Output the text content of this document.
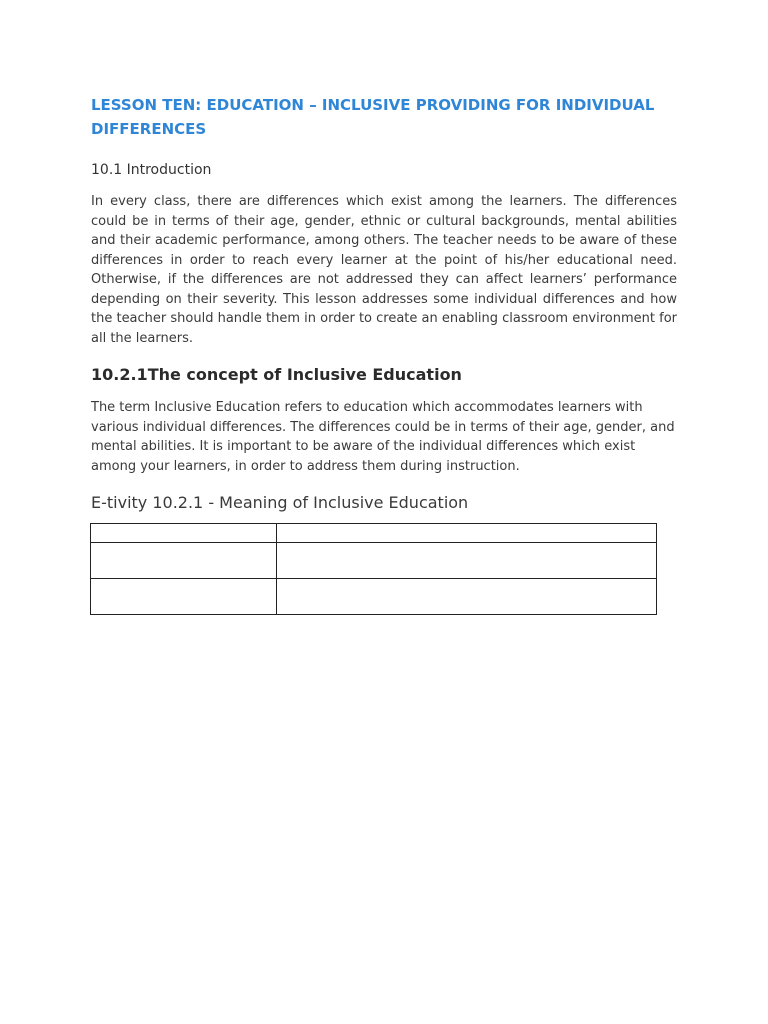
LESSON TEN: EDUCATION – INCLUSIVE PROVIDING FOR INDIVIDUAL DIFFERENCES
10.1 Introduction

In every class, there are differences which exist among the learners. The differences could be in terms of their age, gender, ethnic or cultural backgrounds, mental abilities and their academic performance, among others. The teacher needs to be aware of these differences in order to reach every learner at the point of his/her educational need. Otherwise, if the differences are not addressed they can affect learners’ performance depending on their severity. This lesson addresses some individual differences and how the teacher should handle them in order to create an enabling classroom environment for all the learners.

10.2.1The concept of Inclusive Education

The term Inclusive Education refers to education which accommodates learners with various individual differences. The differences could be in terms of their age, gender, and mental abilities. It is important to be aware of the individual differences which exist among your learners, in order to address them during instruction.

E-tivity 10.2.1 - Meaning of Inclusive Education
